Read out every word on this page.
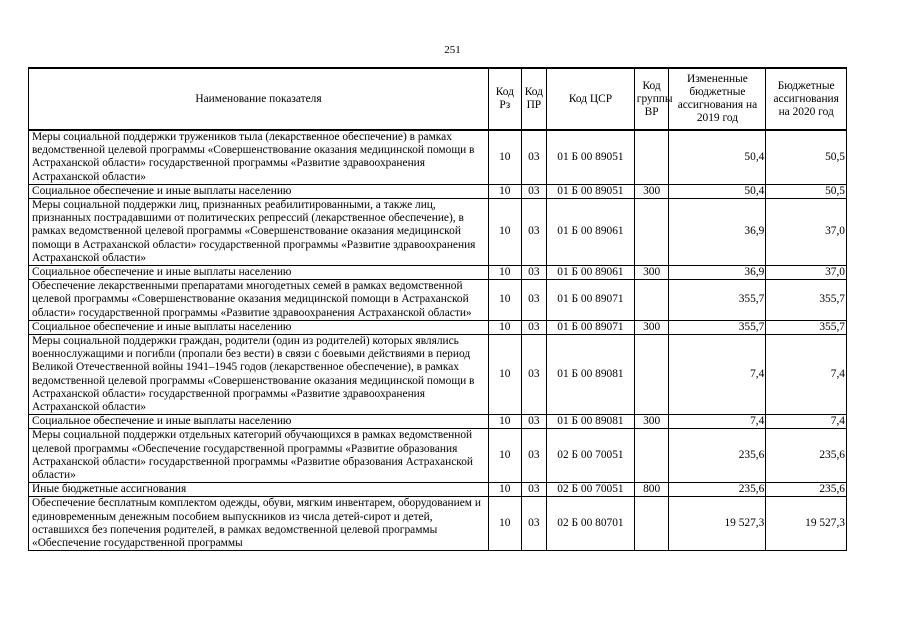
251
Наименование показателя	Код Рз	Код ПР	Код ЦСР	Код группы ВР	Измененные бюджетные ассигнования на 2019 год	Бюджетные ассигнования на 2020 год
Меры социальной поддержки тружеников тыла (лекарственное обеспечение) в рамках ведомственной целевой программы «Совершенствование оказания медицинской помощи в Астраханской области» государственной программы «Развитие здравоохранения Астраханской области»	10	03	01 Б 00 89051		50,4	50,5
Социальное обеспечение и иные выплаты населению	10	03	01 Б 00 89051	300	50,4	50,5
Меры социальной поддержки лиц, признанных реабилитированными, а также лиц, признанных пострадавшими от политических репрессий (лекарственное обеспечение), в рамках ведомственной целевой программы «Совершенствование оказания медицинской помощи в Астраханской области» государственной программы «Развитие здравоохранения Астраханской области»	10	03	01 Б 00 89061		36,9	37,0
Социальное обеспечение и иные выплаты населению	10	03	01 Б 00 89061	300	36,9	37,0
Обеспечение лекарственными препаратами многодетных семей в рамках ведомственной целевой программы «Совершенствование оказания медицинской помощи в Астраханской области» государственной программы «Развитие здравоохранения Астраханской области»	10	03	01 Б 00 89071		355,7	355,7
Социальное обеспечение и иные выплаты населению	10	03	01 Б 00 89071	300	355,7	355,7
Меры социальной поддержки граждан, родители (один из родителей) которых являлись военнослужащими и погибли (пропали без вести) в связи с боевыми действиями в период Великой Отечественной войны 1941–1945 годов (лекарственное обеспечение), в рамках ведомственной целевой программы «Совершенствование оказания медицинской помощи в Астраханской области» государственной программы «Развитие здравоохранения Астраханской области»	10	03	01 Б 00 89081		7,4	7,4
Социальное обеспечение и иные выплаты населению	10	03	01 Б 00 89081	300	7,4	7,4
Меры социальной поддержки отдельных категорий обучающихся в рамках ведомственной целевой программы «Обеспечение государственной программы «Развитие образования Астраханской области» государственной программы «Развитие образования Астраханской области»	10	03	02 Б 00 70051		235,6	235,6
Иные бюджетные ассигнования	10	03	02 Б 00 70051	800	235,6	235,6
Обеспечение бесплатным комплектом одежды, обуви, мягким инвентарем, оборудованием и единовременным денежным пособием выпускников из числа детей-сирот и детей, оставшихся без попечения родителей, в рамках ведомственной целевой программы «Обеспечение государственной программы	10	03	02 Б 00 80701		19 527,3	19 527,3
